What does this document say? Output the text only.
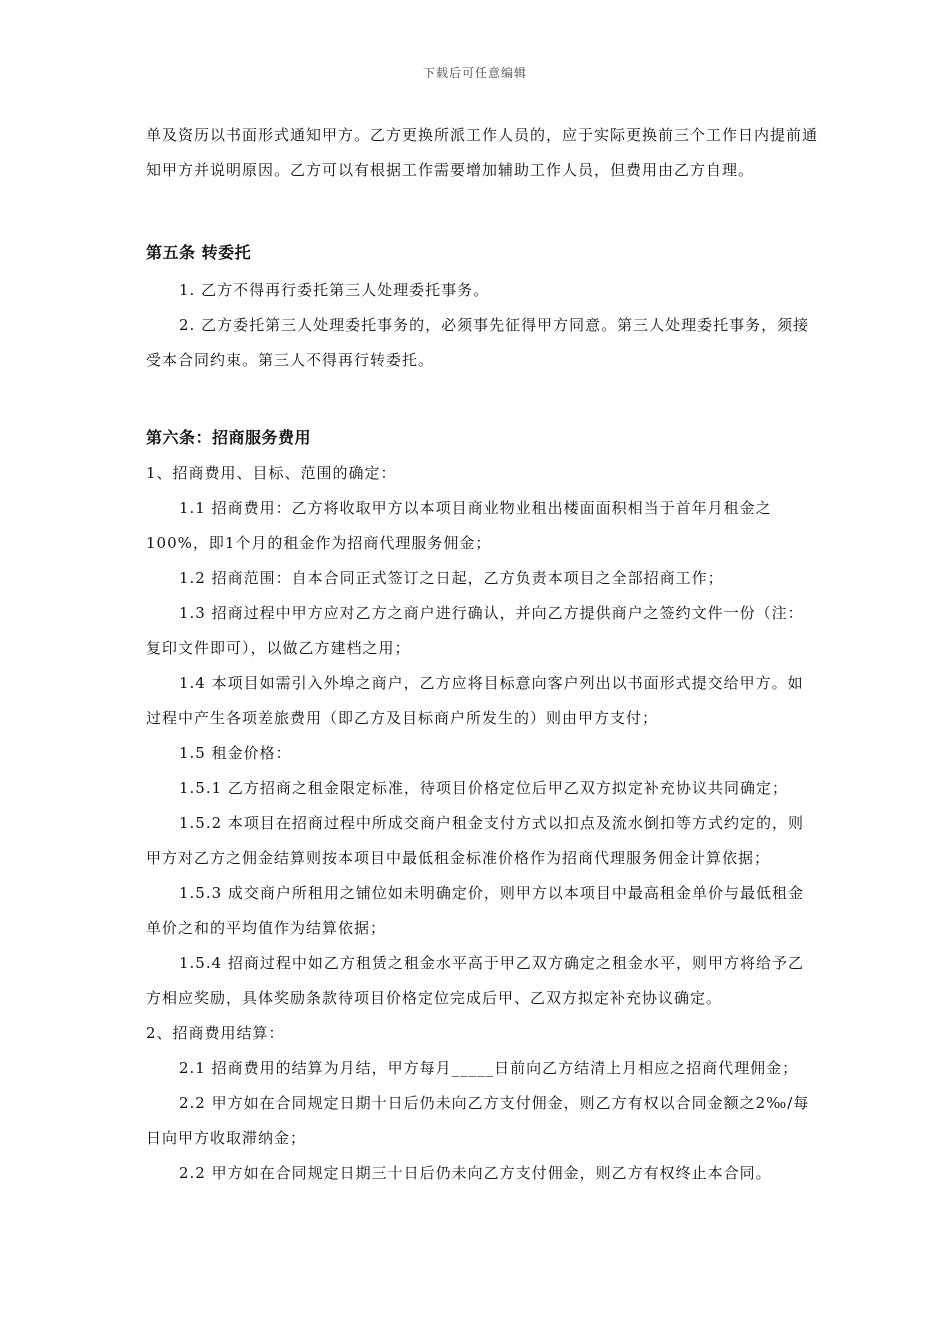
下载后可任意编辑

单及资历以书面形式通知甲方。乙方更换所派工作人员的，应于实际更换前三个工作日内提前通知甲方并说明原因。乙方可以有根据工作需要增加辅助工作人员，但费用由乙方自理。

第五条 转委托

1. 乙方不得再行委托第三人处理委托事务。

2. 乙方委托第三人处理委托事务的，必须事先征得甲方同意。第三人处理委托事务，须接受本合同约束。第三人不得再行转委托。

第六条：招商服务费用

1、招商费用、目标、范围的确定：

1.1 招商费用：乙方将收取甲方以本项目商业物业租出楼面面积相当于首年月租金之100%，即1个月的租金作为招商代理服务佣金；

1.2 招商范围：自本合同正式签订之日起，乙方负责本项目之全部招商工作；

1.3 招商过程中甲方应对乙方之商户进行确认，并向乙方提供商户之签约文件一份（注：复印文件即可），以做乙方建档之用；

1.4 本项目如需引入外埠之商户，乙方应将目标意向客户列出以书面形式提交给甲方。如过程中产生各项差旅费用（即乙方及目标商户所发生的）则由甲方支付；

1.5 租金价格：

1.5.1 乙方招商之租金限定标准，待项目价格定位后甲乙双方拟定补充协议共同确定；

1.5.2 本项目在招商过程中所成交商户租金支付方式以扣点及流水倒扣等方式约定的，则甲方对乙方之佣金结算则按本项目中最低租金标准价格作为招商代理服务佣金计算依据；

1.5.3 成交商户所租用之铺位如未明确定价，则甲方以本项目中最高租金单价与最低租金单价之和的平均值作为结算依据；

1.5.4 招商过程中如乙方租赁之租金水平高于甲乙双方确定之租金水平，则甲方将给予乙方相应奖励，具体奖励条款待项目价格定位完成后甲、乙双方拟定补充协议确定。

2、招商费用结算：

2.1 招商费用的结算为月结，甲方每月_____日前向乙方结清上月相应之招商代理佣金；

2.2 甲方如在合同规定日期十日后仍未向乙方支付佣金，则乙方有权以合同金额之2‰/每日向甲方收取滞纳金；

2.2 甲方如在合同规定日期三十日后仍未向乙方支付佣金，则乙方有权终止本合同。
